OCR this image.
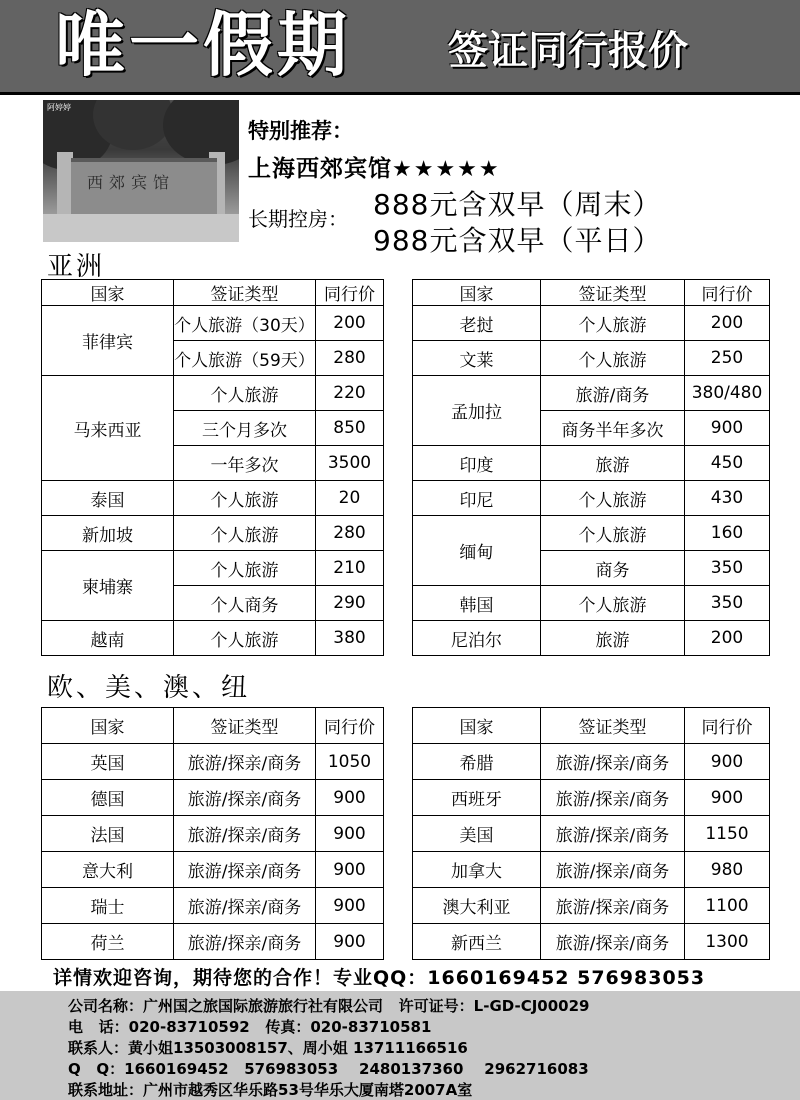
唯一假期 签证同行报价
西郊宾馆
阿婷婷
特别推荐：
上海西郊宾馆★★★★★
长期控房： 888元含双早（周末）
988元含双早（平日）
亚洲
国家	签证类型	同行价
菲律宾	个人旅游（30天）	200
	个人旅游（59天）	280
马来西亚	个人旅游	220
	三个月多次	850
	一年多次	3500
泰国	个人旅游	20
新加坡	个人旅游	280
柬埔寨	个人旅游	210
	个人商务	290
越南	个人旅游	380
国家	签证类型	同行价
老挝	个人旅游	200
文莱	个人旅游	250
孟加拉	旅游/商务	380/480
	商务半年多次	900
印度	旅游	450
印尼	个人旅游	430
缅甸	个人旅游	160
	商务	350
韩国	个人旅游	350
尼泊尔	旅游	200
欧、美、澳、纽
国家	签证类型	同行价
英国	旅游/探亲/商务	1050
德国	旅游/探亲/商务	900
法国	旅游/探亲/商务	900
意大利	旅游/探亲/商务	900
瑞士	旅游/探亲/商务	900
荷兰	旅游/探亲/商务	900
国家	签证类型	同行价
希腊	旅游/探亲/商务	900
西班牙	旅游/探亲/商务	900
美国	旅游/探亲/商务	1150
加拿大	旅游/探亲/商务	980
澳大利亚	旅游/探亲/商务	1100
新西兰	旅游/探亲/商务	1300
详情欢迎咨询，期待您的合作！专业QQ：1660169452 576983053
公司名称：广州国之旅国际旅游旅行社有限公司   许可证号：L-GD-CJ00029
电   话：020-83710592   传真：020-83710581
联系人：黄小姐13503008157、周小姐 13711166516
Q   Q：1660169452   576983053    2480137360    2962716083
联系地址：广州市越秀区华乐路53号华乐大厦南塔2007A室
